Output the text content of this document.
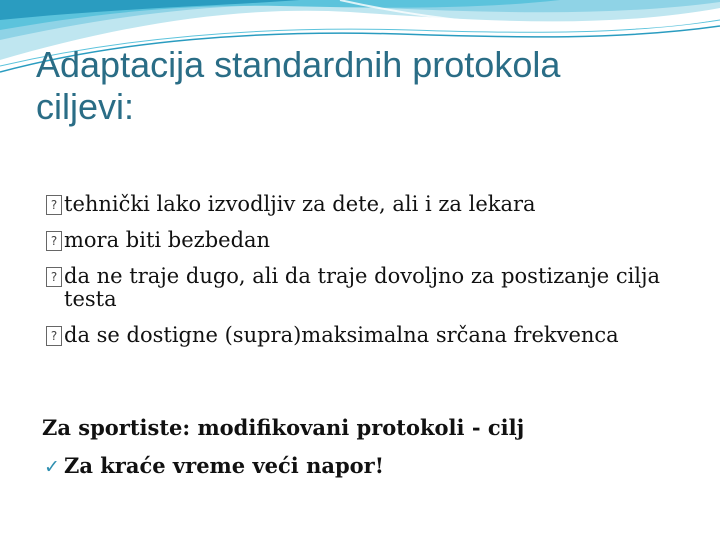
Adaptacija standardnih protokola
ciljevi:
? tehnički lako izvodljiv za dete, ali i za lekara
? mora biti bezbedan
? da ne traje dugo, ali da traje dovoljno za postizanje cilja testa
? da se dostigne (supra)maksimalna srčana frekvenca

Za sportiste: modifikovani protokoli - cilj

✓ Za kraće vreme veći napor!
